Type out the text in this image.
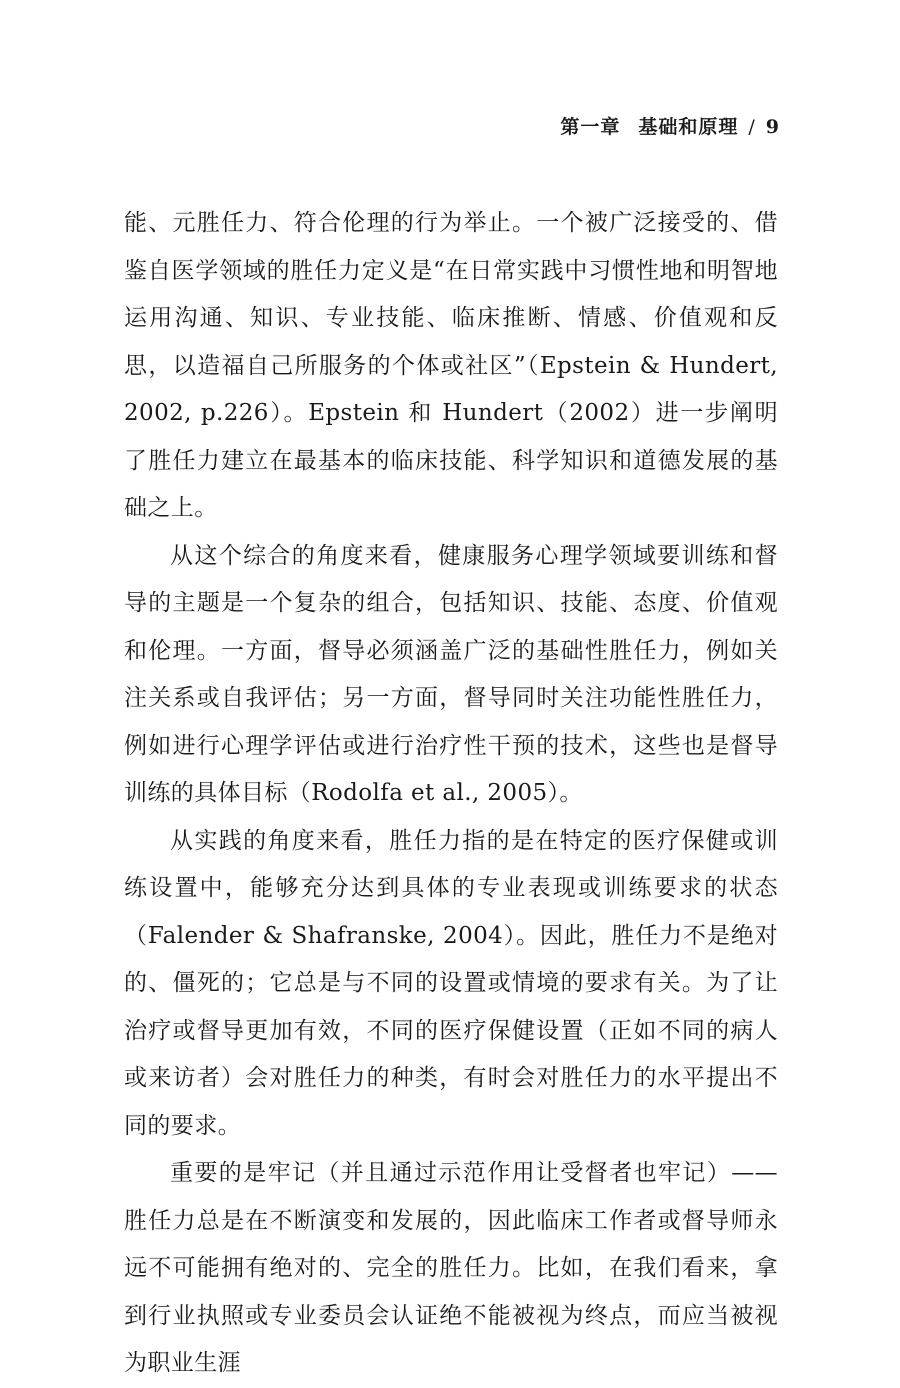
第一章 基础和原理 / 9

能、元胜任力、符合伦理的行为举止。一个被广泛接受的、借鉴自医学领域的胜任力定义是“在日常实践中习惯性地和明智地运用沟通、知识、专业技能、临床推断、情感、价值观和反思，以造福自己所服务的个体或社区”（Epstein & Hundert, 2002, p.226）。Epstein 和 Hundert（2002）进一步阐明了胜任力建立在最基本的临床技能、科学知识和道德发展的基础之上。

从这个综合的角度来看，健康服务心理学领域要训练和督导的主题是一个复杂的组合，包括知识、技能、态度、价值观和伦理。一方面，督导必须涵盖广泛的基础性胜任力，例如关注关系或自我评估；另一方面，督导同时关注功能性胜任力，例如进行心理学评估或进行治疗性干预的技术，这些也是督导训练的具体目标（Rodolfa et al., 2005）。

从实践的角度来看，胜任力指的是在特定的医疗保健或训练设置中，能够充分达到具体的专业表现或训练要求的状态（Falender & Shafranske, 2004）。因此，胜任力不是绝对的、僵死的；它总是与不同的设置或情境的要求有关。为了让治疗或督导更加有效，不同的医疗保健设置（正如不同的病人或来访者）会对胜任力的种类，有时会对胜任力的水平提出不同的要求。

重要的是牢记（并且通过示范作用让受督者也牢记）——胜任力总是在不断演变和发展的，因此临床工作者或督导师永远不可能拥有绝对的、完全的胜任力。比如，在我们看来，拿到行业执照或专业委员会认证绝不能被视为终点，而应当被视为职业生涯
